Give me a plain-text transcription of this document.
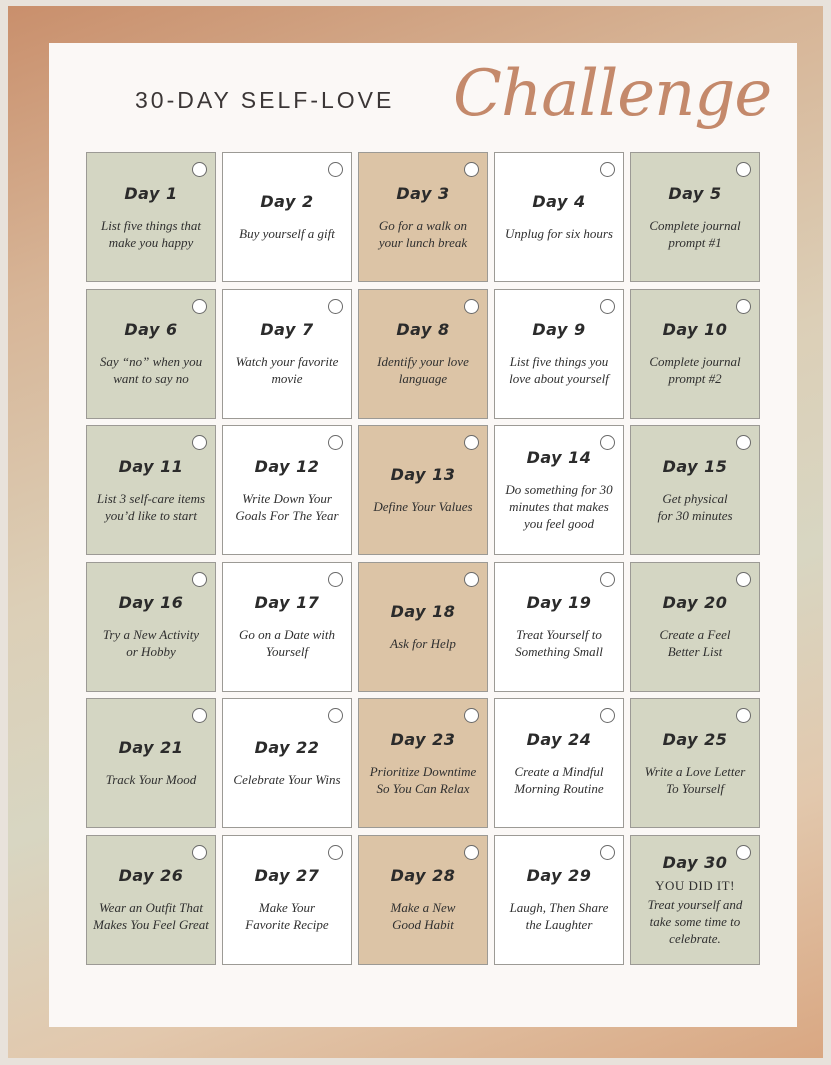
30-DAY SELF-LOVE Challenge
Day 1
List five things that
make you happy
Day 2
Buy yourself a gift
Day 3
Go for a walk on
your lunch break
Day 4
Unplug for six hours
Day 5
Complete journal
prompt #1
Day 6
Say “no” when you
want to say no
Day 7
Watch your favorite
movie
Day 8
Identify your love
language
Day 9
List five things you
love about yourself
Day 10
Complete journal
prompt #2
Day 11
List 3 self-care items
you’d like to start
Day 12
Write Down Your
Goals For The Year
Day 13
Define Your Values
Day 14
Do something for 30
minutes that makes
you feel good
Day 15
Get physical
for 30 minutes
Day 16
Try a New Activity
or Hobby
Day 17
Go on a Date with
Yourself
Day 18
Ask for Help
Day 19
Treat Yourself to
Something Small
Day 20
Create a Feel
Better List
Day 21
Track Your Mood
Day 22
Celebrate Your Wins
Day 23
Prioritize Downtime
So You Can Relax
Day 24
Create a Mindful
Morning Routine
Day 25
Write a Love Letter
To Yourself
Day 26
Wear an Outfit That
Makes You Feel Great
Day 27
Make Your
Favorite Recipe
Day 28
Make a New
Good Habit
Day 29
Laugh, Then Share
the Laughter
Day 30
YOU DID IT!
Treat yourself and
take some time to
celebrate.
